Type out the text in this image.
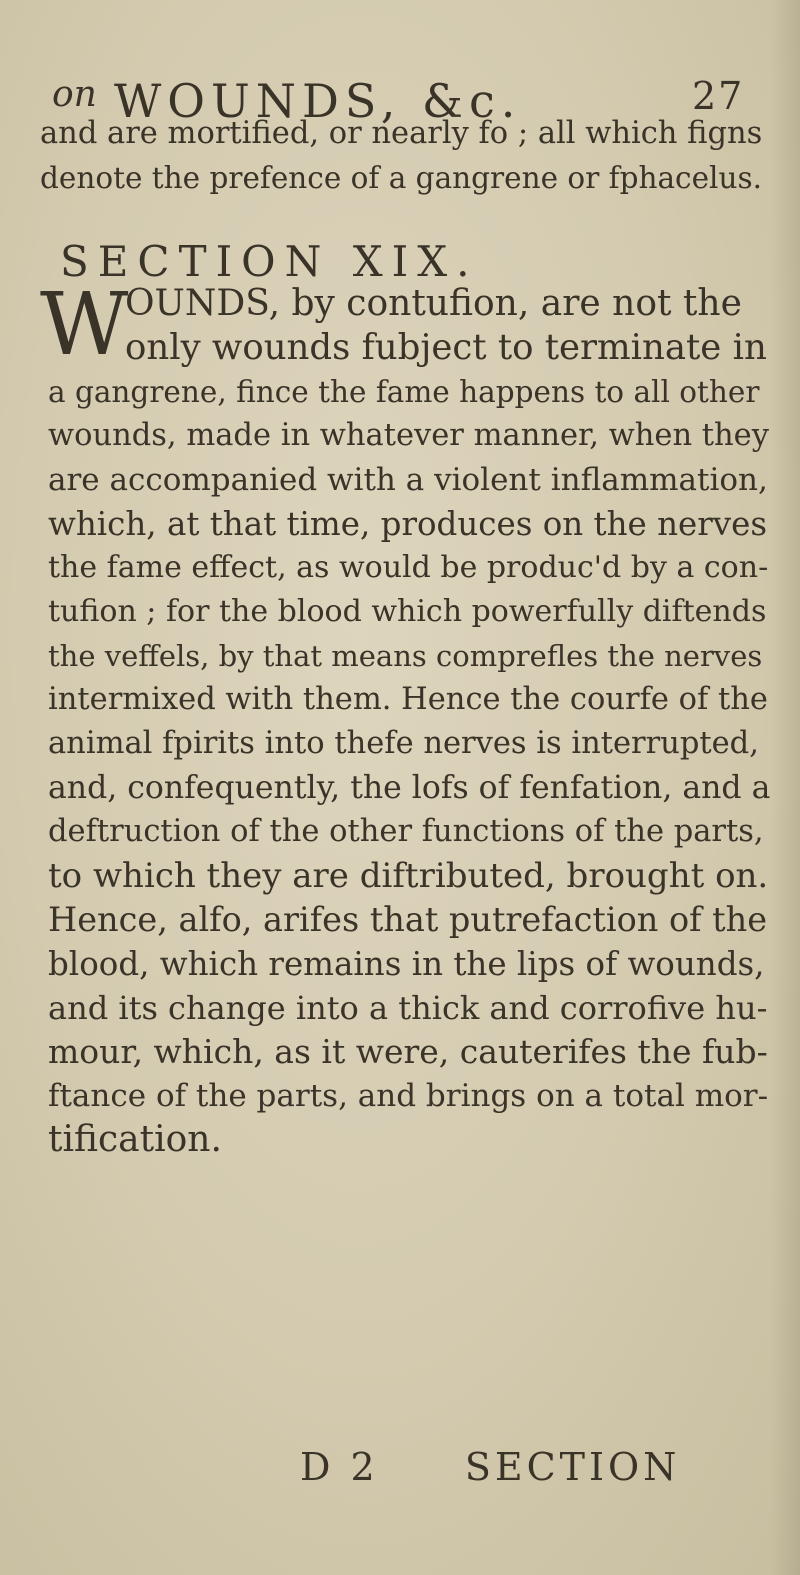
on WOUNDS, &c.	27
and are mortified, or nearly fo ; all which figns
denote the prefence of a gangrene or fphacelus.
SECTION XIX.
W
OUNDS, by contufion, are not the
only wounds fubject to terminate in
a gangrene, fince the fame happens to all other
wounds, made in whatever manner, when they
are accompanied with a violent inflammation,
which, at that time, produces on the nerves
the fame effect, as would be produc'd by a con-
tufion ; for the blood which powerfully diftends
the veffels, by that means comprefles the nerves
intermixed with them. Hence the courfe of the
animal fpirits into thefe nerves is interrupted,
and, confequently, the lofs of fenfation, and a
deftruction of the other functions of the parts,
to which they are diftributed, brought on.
Hence, alfo, arifes that putrefaction of the
blood, which remains in the lips of wounds,
and its change into a thick and corrofive hu-
mour, which, as it were, cauterifes the fub-
ftance of the parts, and brings on a total mor-
tification.
D 2 SECTION
